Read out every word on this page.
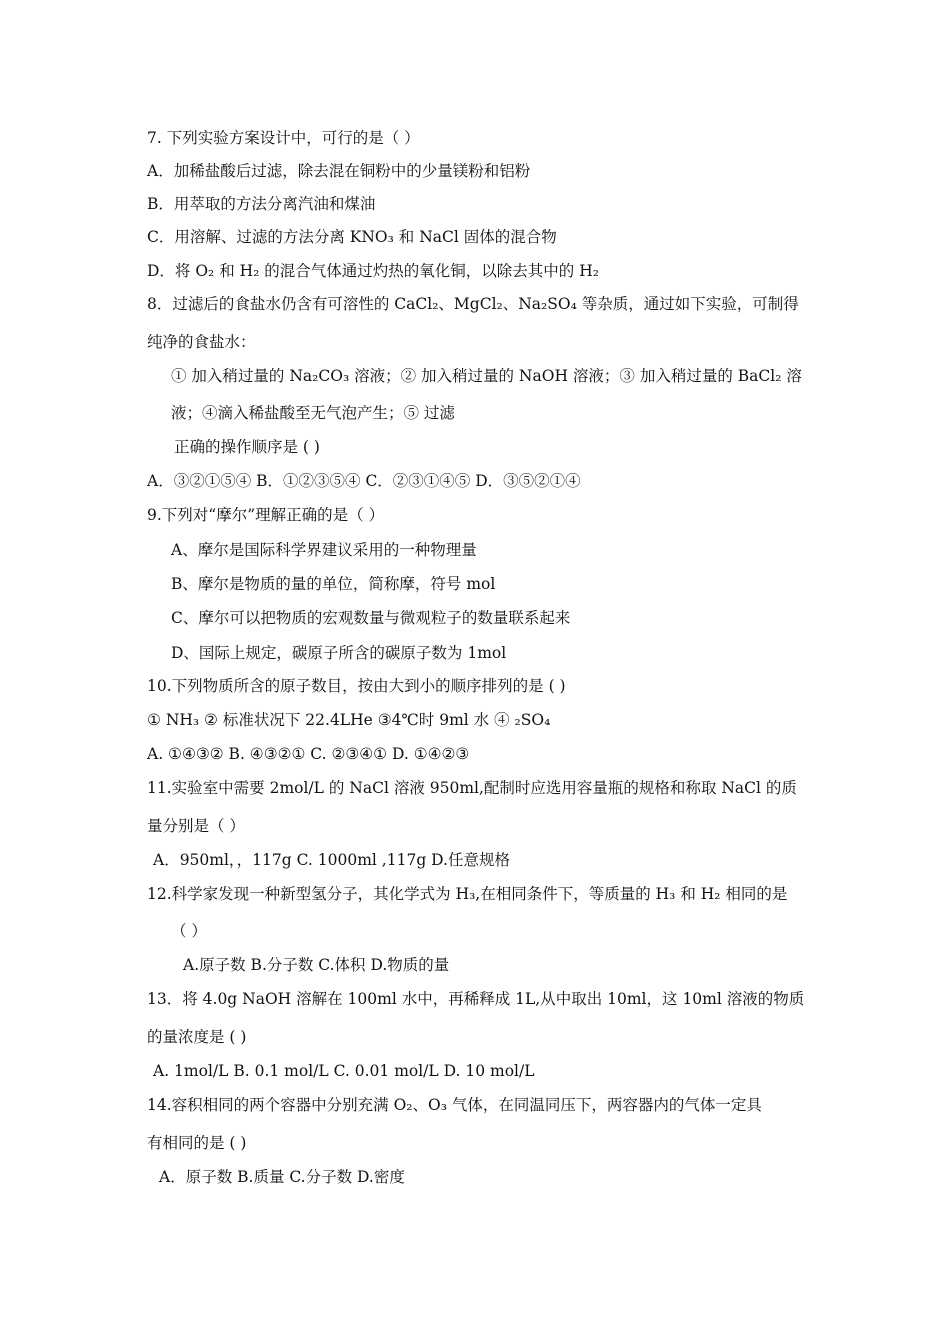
7. 下列实验方案设计中，可行的是（ ）
A．加稀盐酸后过滤，除去混在铜粉中的少量镁粉和铝粉
B．用萃取的方法分离汽油和煤油
C．用溶解、过滤的方法分离 KNO₃ 和 NaCl 固体的混合物
D．将 O₂ 和 H₂ 的混合气体通过灼热的氧化铜，以除去其中的 H₂
8．过滤后的食盐水仍含有可溶性的 CaCl₂、MgCl₂、Na₂SO₄ 等杂质，通过如下实验，可制得
纯净的食盐水：
① 加入稍过量的 Na₂CO₃ 溶液；② 加入稍过量的 NaOH 溶液；③ 加入稍过量的 BaCl₂ 溶
液；④滴入稀盐酸至无气泡产生；⑤ 过滤
正确的操作顺序是 ( )
A．③②①⑤④ B．①②③⑤④ C．②③①④⑤ D．③⑤②①④
9.下列对“摩尔”理解正确的是（ ）
A、摩尔是国际科学界建议采用的一种物理量
B、摩尔是物质的量的单位，简称摩，符号 mol
C、摩尔可以把物质的宏观数量与微观粒子的数量联系起来
D、国际上规定，碳原子所含的碳原子数为 1mol
10.下列物质所含的原子数目，按由大到小的顺序排列的是 ( )
① NH₃ ② 标准状况下 22.4LHe ③4℃时 9ml 水 ④ ₂SO₄
A. ①④③② B. ④③②① C. ②③④① D. ①④②③
11.实验室中需要 2mol/L 的 NaCl 溶液 950ml,配制时应选用容量瓶的规格和称取 NaCl 的质
量分别是（ ）
A．950ml，，117g C. 1000ml ,117g D.任意规格
12.科学家发现一种新型氢分子，其化学式为 H₃,在相同条件下，等质量的 H₃ 和 H₂ 相同的是
（ ）
A.原子数 B.分子数 C.体积 D.物质的量
13．将 4.0g NaOH 溶解在 100ml 水中，再稀释成 1L,从中取出 10ml，这 10ml 溶液的物质
的量浓度是 ( )
A. 1mol/L B. 0.1 mol/L C. 0.01 mol/L D. 10 mol/L
14.容积相同的两个容器中分别充满 O₂、O₃ 气体，在同温同压下，两容器内的气体一定具
有相同的是 ( )
A．原子数 B.质量 C.分子数 D.密度
